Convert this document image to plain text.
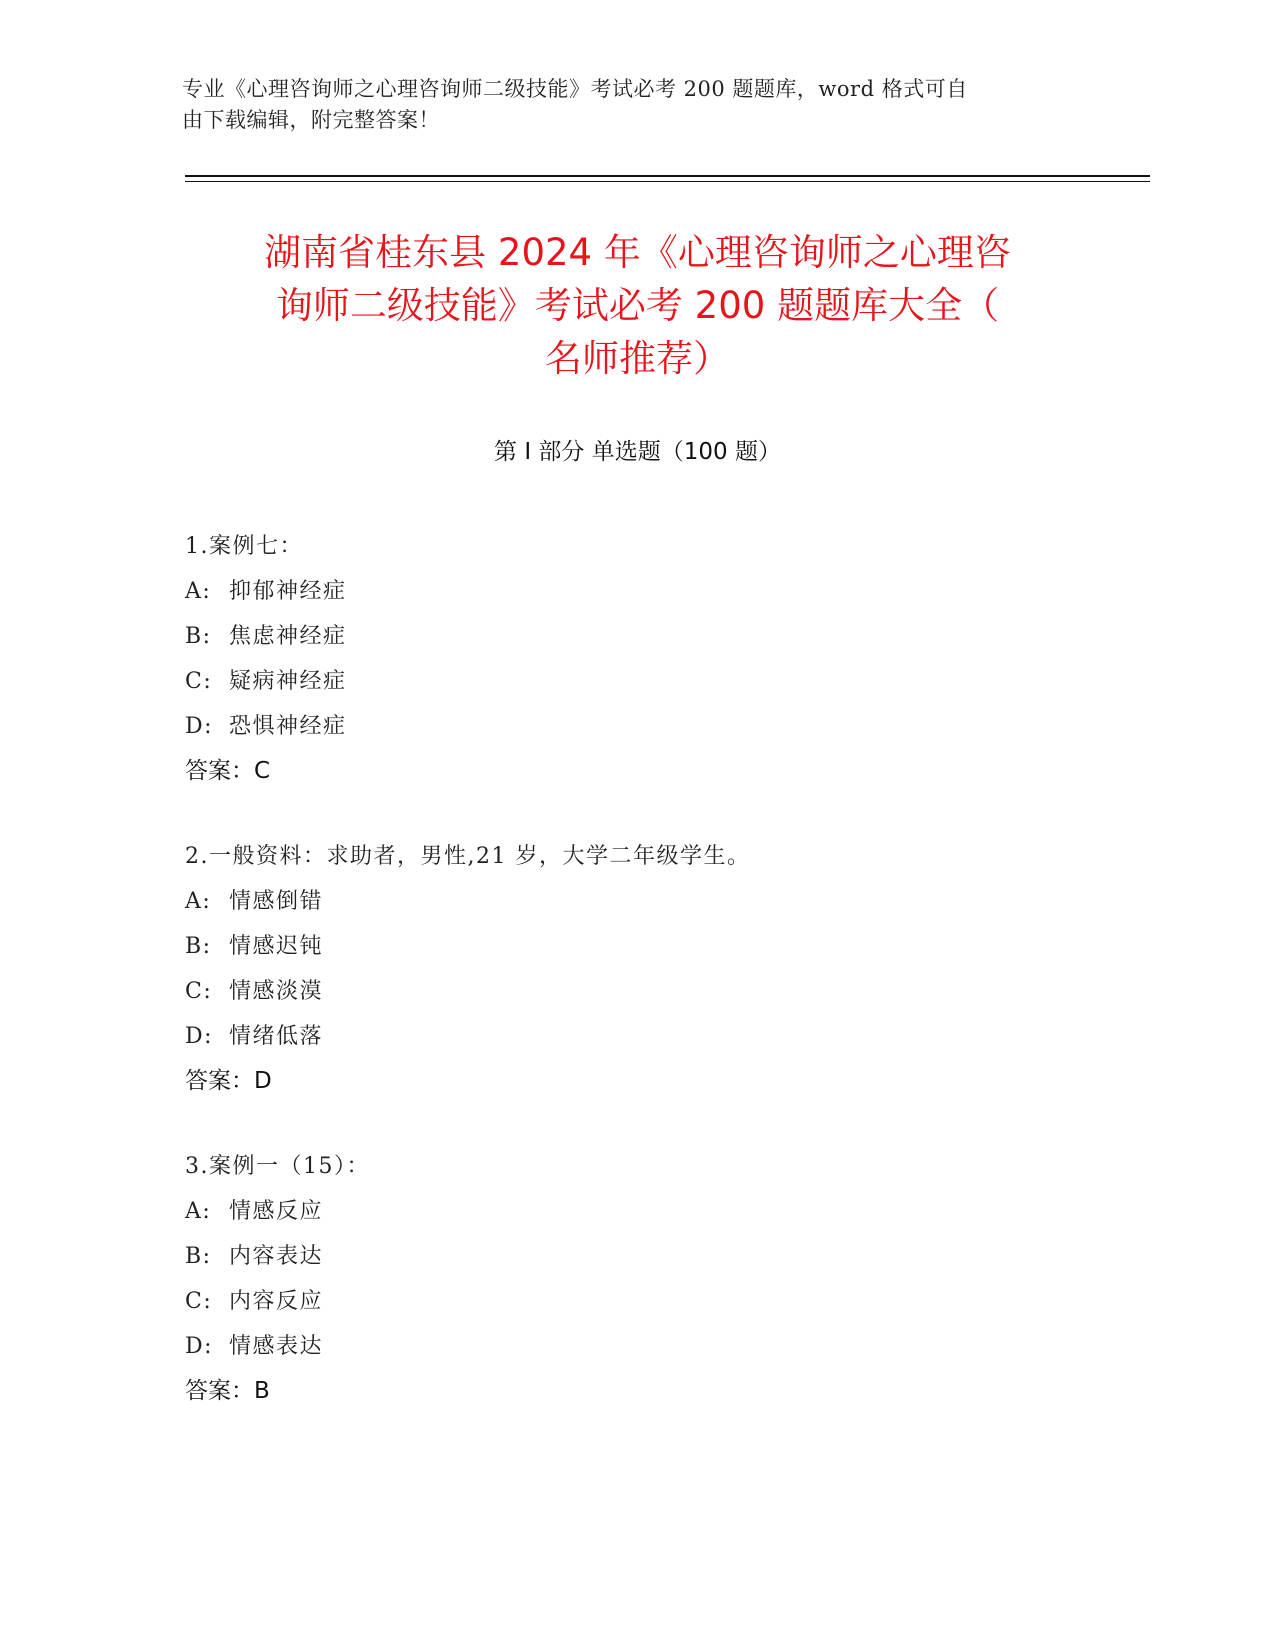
专业《心理咨询师之心理咨询师二级技能》考试必考 200 题题库，word 格式可自
由下载编辑，附完整答案！
湖南省桂东县 2024 年《心理咨询师之心理咨
询师二级技能》考试必考 200 题题库大全（
名师推荐）
第 I 部分 单选题（100 题）
1.案例七：
A: 抑郁神经症
B: 焦虑神经症
C: 疑病神经症
D: 恐惧神经症
答案：C
2.一般资料：求助者，男性,21 岁，大学二年级学生。
A: 情感倒错
B: 情感迟钝
C: 情感淡漠
D: 情绪低落
答案：D
3.案例一（15）：
A: 情感反应
B: 内容表达
C: 内容反应
D: 情感表达
答案：B
